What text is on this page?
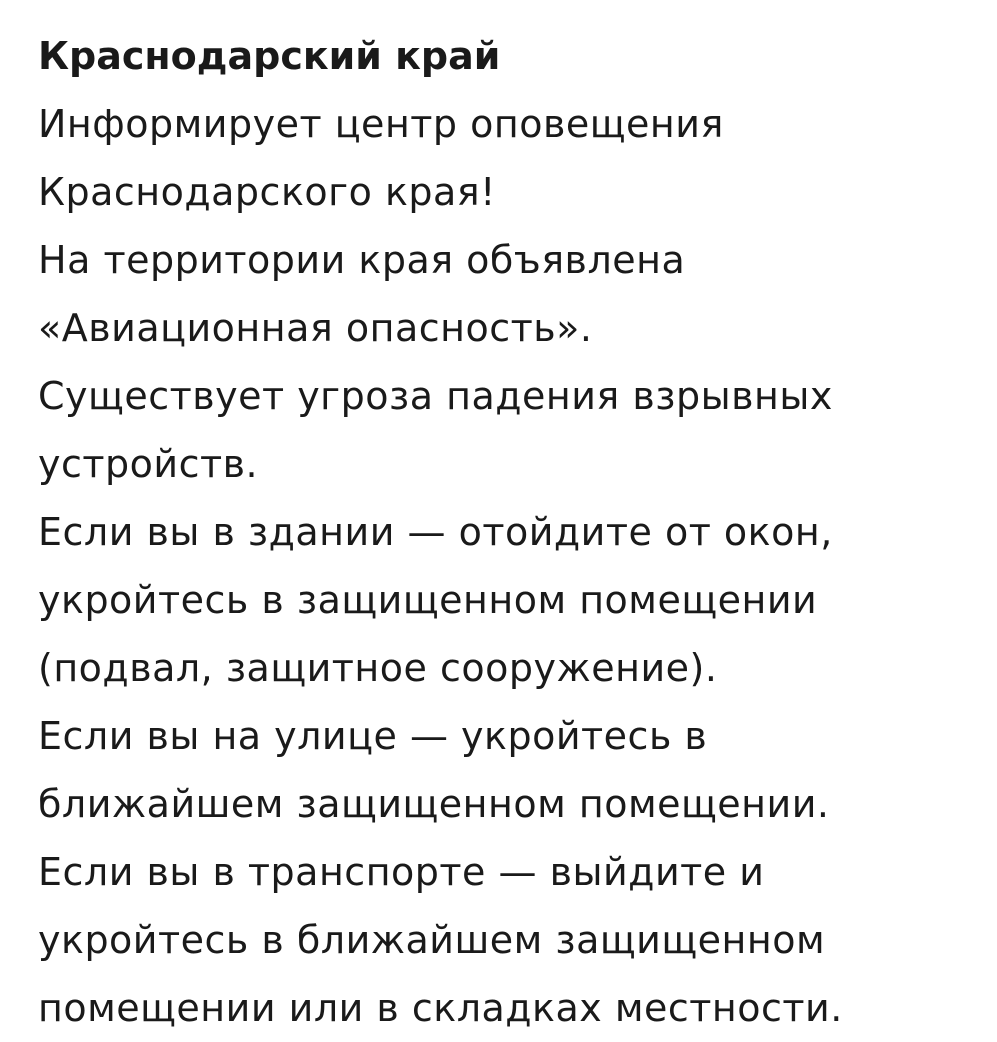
Краснодарский край
Информирует центр оповещения
Краснодарского края!
На территории края объявлена
«Авиационная опасность».
Существует угроза падения взрывных
устройств.
Если вы в здании — отойдите от окон,
укройтесь в защищенном помещении
(подвал, защитное сооружение).
Если вы на улице — укройтесь в
ближайшем защищенном помещении.
Если вы в транспорте — выйдите и
укройтесь в ближайшем защищенном
помещении или в складках местности.
